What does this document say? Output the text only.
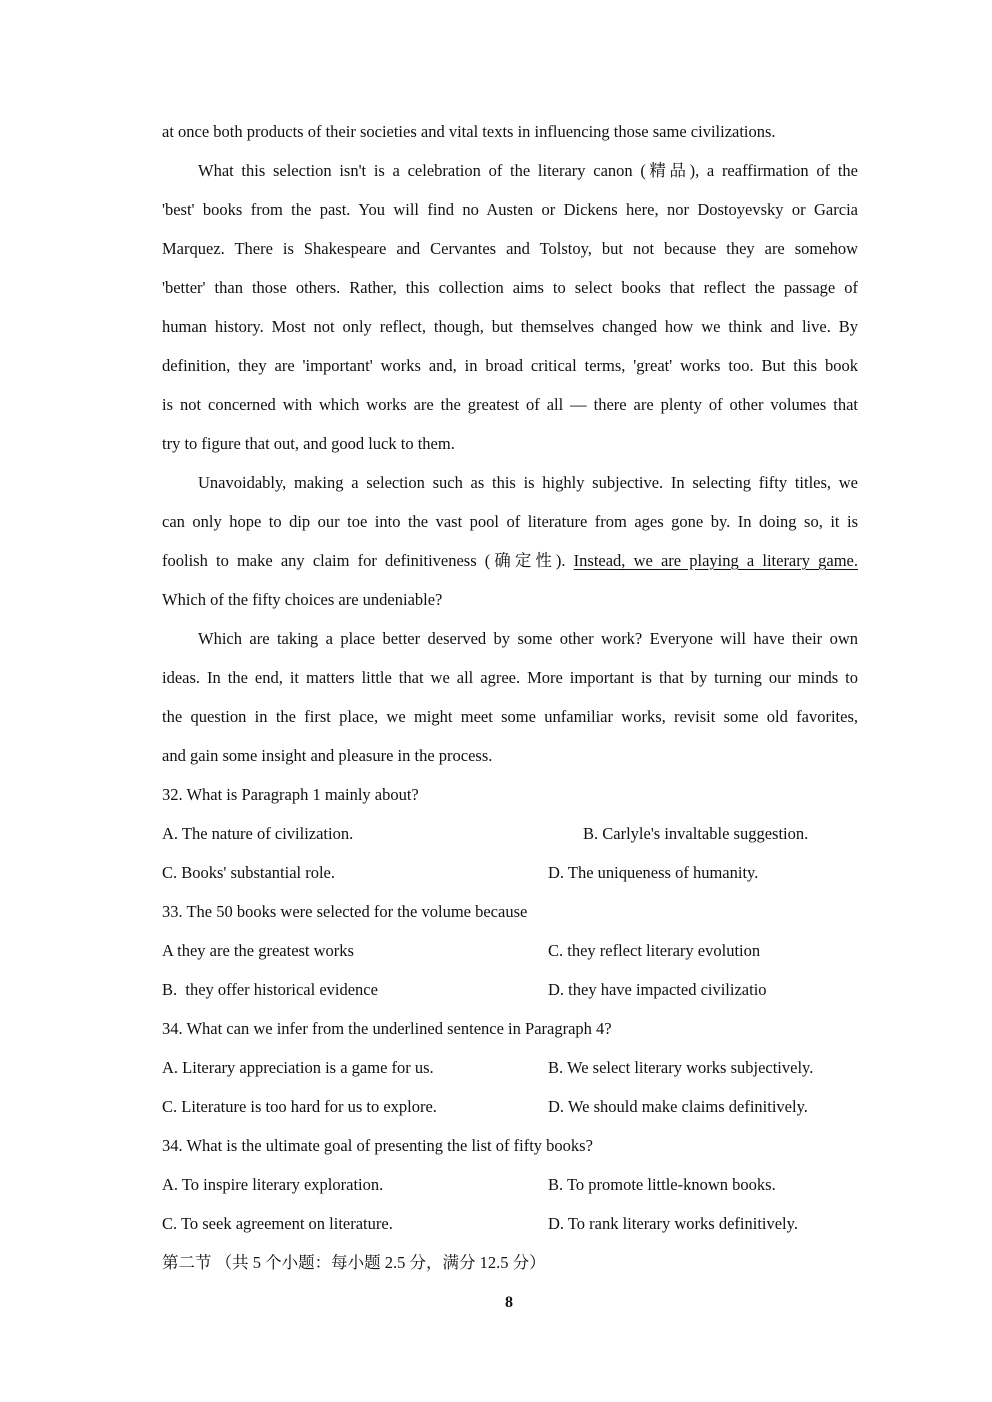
at once both products of their societies and vital texts in influencing those same civilizations.
What this selection isn't is a celebration of the literary canon (精品), a reaffirmation of the
'best' books from the past. You will find no Austen or Dickens here, nor Dostoyevsky or Garcia
Marquez. There is Shakespeare and Cervantes and Tolstoy, but not because they are somehow
'better' than those others. Rather, this collection aims to select books that reflect the passage of
human history. Most not only reflect, though, but themselves changed how we think and live. By
definition, they are 'important' works and, in broad critical terms, 'great' works too. But this book
is not concerned with which works are the greatest of all — there are plenty of other volumes that
try to figure that out, and good luck to them.
Unavoidably, making a selection such as this is highly subjective. In selecting fifty titles, we
can only hope to dip our toe into the vast pool of literature from ages gone by. In doing so, it is
foolish to make any claim for definitiveness (确定性). Instead, we are playing a literary game.
Which of the fifty choices are undeniable?
Which are taking a place better deserved by some other work? Everyone will have their own
ideas. In the end, it matters little that we all agree. More important is that by turning our minds to
the question in the first place, we might meet some unfamiliar works, revisit some old favorites,
and gain some insight and pleasure in the process.
32. What is Paragraph 1 mainly about?
A. The nature of civilization.	B. Carlyle's invaltable suggestion.
C. Books' substantial role.	D. The uniqueness of humanity.
33. The 50 books were selected for the volume because
A they are the greatest works	C. they reflect literary evolution
B.  they offer historical evidence	D. they have impacted civilizatio
34. What can we infer from the underlined sentence in Paragraph 4?
A. Literary appreciation is a game for us.	B. We select literary works subjectively.
C. Literature is too hard for us to explore.	D. We should make claims definitively.
34. What is the ultimate goal of presenting the list of fifty books?
A. To inspire literary exploration.	B. To promote little-known books.
C. To seek agreement on literature.	D. To rank literary works definitively.
第二节 （共 5 个小题：每小题 2.5 分，满分 12.5 分）
8
